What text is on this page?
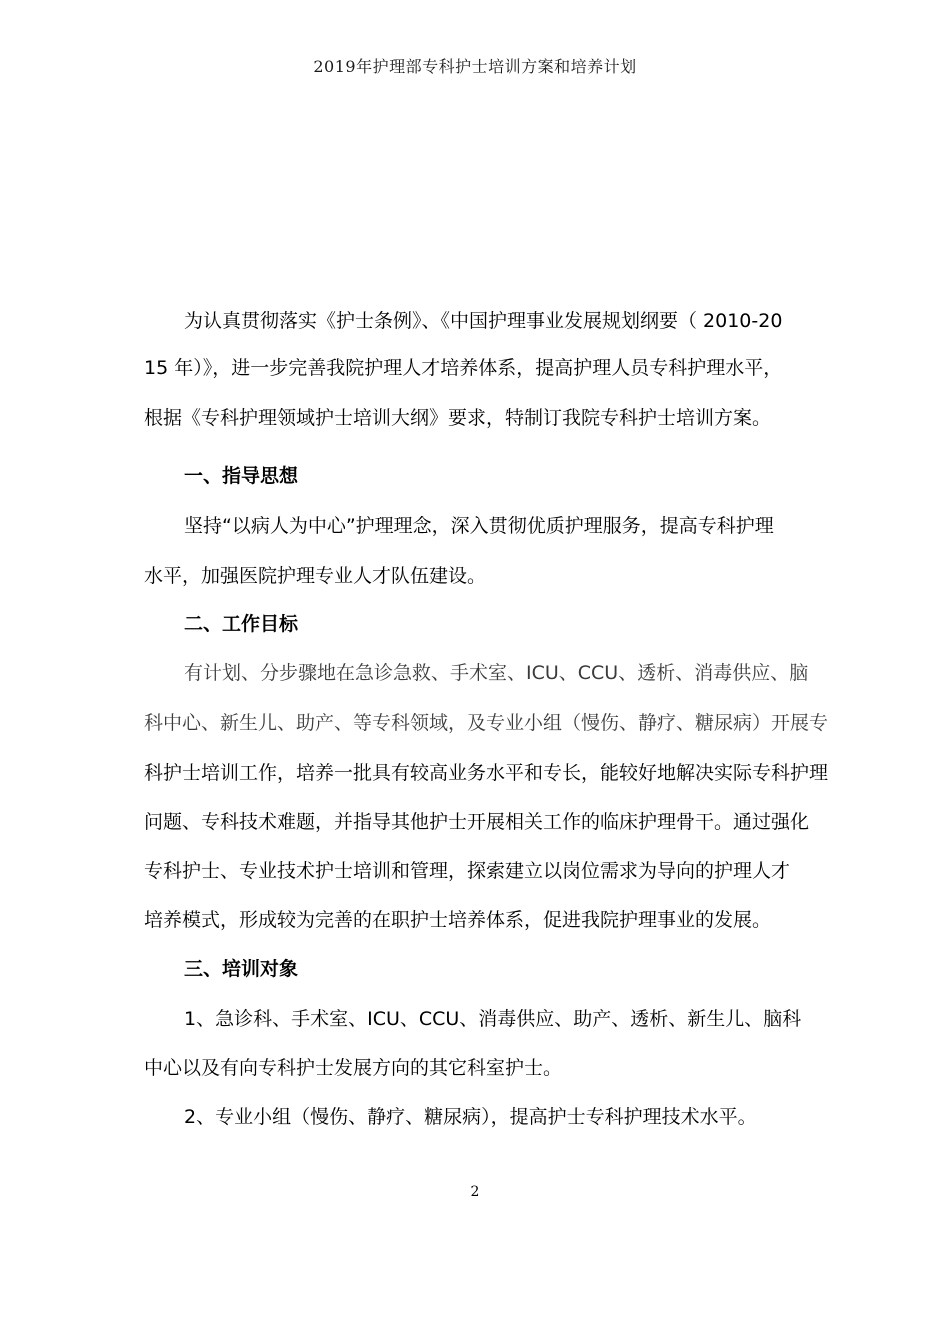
2019年护理部专科护士培训方案和培养计划
为认真贯彻落实《护士条例》、《中国护理事业发展规划纲要（ 2010-20
15 年）》，进一步完善我院护理人才培养体系，提高护理人员专科护理水平，
根据《专科护理领域护士培训大纲》要求，特制订我院专科护士培训方案。
一、指导思想
坚持“以病人为中心”护理理念，深入贯彻优质护理服务，提高专科护理
水平，加强医院护理专业人才队伍建设。
二、工作目标
有计划、分步骤地在急诊急救、手术室、ICU、CCU、透析、消毒供应、脑
科中心、新生儿、助产、等专科领域，及专业小组（慢伤、静疗、糖尿病）开展专
科护士培训工作，培养一批具有较高业务水平和专长，能较好地解决实际专科护理
问题、专科技术难题，并指导其他护士开展相关工作的临床护理骨干。通过强化
专科护士、专业技术护士培训和管理，探索建立以岗位需求为导向的护理人才
培养模式，形成较为完善的在职护士培养体系，促进我院护理事业的发展。
三、培训对象
1、急诊科、手术室、ICU、CCU、消毒供应、助产、透析、新生儿、脑科
中心以及有向专科护士发展方向的其它科室护士。
2、专业小组（慢伤、静疗、糖尿病），提高护士专科护理技术水平。
2
